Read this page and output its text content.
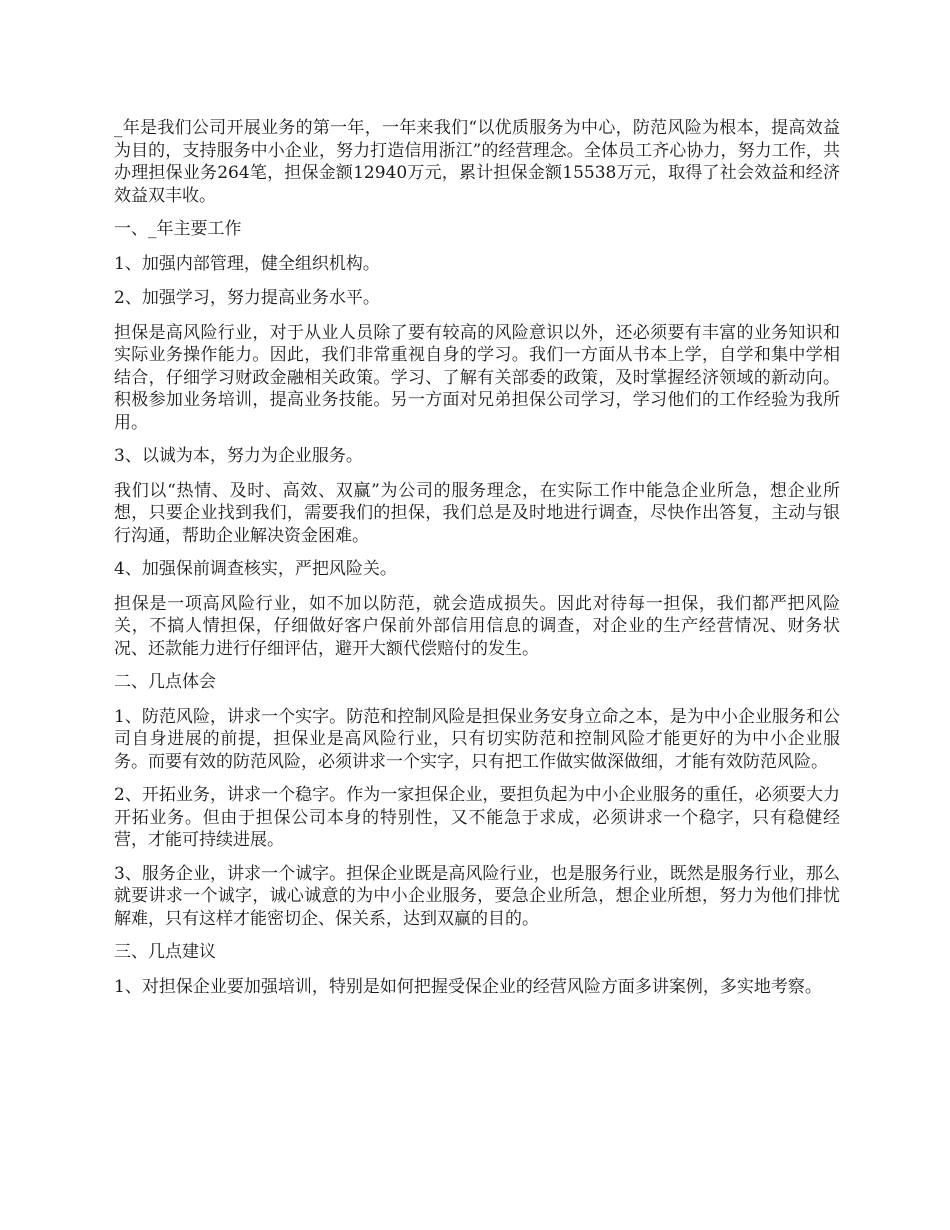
_年是我们公司开展业务的第一年，一年来我们“以优质服务为中心，防范风险为根本，提高效益为目的，支持服务中小企业，努力打造信用浙江”的经营理念。全体员工齐心协力，努力工作，共办理担保业务264笔，担保金额12940万元，累计担保金额15538万元，取得了社会效益和经济效益双丰收。

一、_年主要工作

1、加强内部管理，健全组织机构。

2、加强学习，努力提高业务水平。

担保是高风险行业，对于从业人员除了要有较高的风险意识以外，还必须要有丰富的业务知识和实际业务操作能力。因此，我们非常重视自身的学习。我们一方面从书本上学，自学和集中学相结合，仔细学习财政金融相关政策。学习、了解有关部委的政策，及时掌握经济领域的新动向。积极参加业务培训，提高业务技能。另一方面对兄弟担保公司学习，学习他们的工作经验为我所用。

3、以诚为本，努力为企业服务。

我们以“热情、及时、高效、双赢”为公司的服务理念，在实际工作中能急企业所急，想企业所想，只要企业找到我们，需要我们的担保，我们总是及时地进行调查，尽快作出答复，主动与银行沟通，帮助企业解决资金困难。

4、加强保前调查核实，严把风险关。

担保是一项高风险行业，如不加以防范，就会造成损失。因此对待每一担保，我们都严把风险关，不搞人情担保，仔细做好客户保前外部信用信息的调查，对企业的生产经营情况、财务状况、还款能力进行仔细评估，避开大额代偿赔付的发生。

二、几点体会

1、防范风险，讲求一个实字。防范和控制风险是担保业务安身立命之本，是为中小企业服务和公司自身进展的前提，担保业是高风险行业，只有切实防范和控制风险才能更好的为中小企业服务。而要有效的防范风险，必须讲求一个实字，只有把工作做实做深做细，才能有效防范风险。

2、开拓业务，讲求一个稳字。作为一家担保企业，要担负起为中小企业服务的重任，必须要大力开拓业务。但由于担保公司本身的特别性，又不能急于求成，必须讲求一个稳字，只有稳健经营，才能可持续进展。

3、服务企业，讲求一个诚字。担保企业既是高风险行业，也是服务行业，既然是服务行业，那么就要讲求一个诚字，诚心诚意的为中小企业服务，要急企业所急，想企业所想，努力为他们排忧解难，只有这样才能密切企、保关系，达到双赢的目的。

三、几点建议

1、对担保企业要加强培训，特别是如何把握受保企业的经营风险方面多讲案例，多实地考察。
